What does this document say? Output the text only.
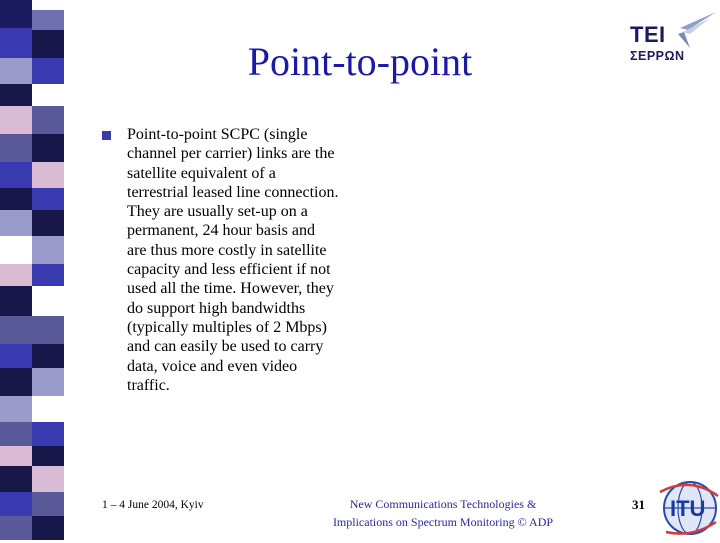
Point-to-point
T E I
ΣΕΡΡΩΝ
Point-to-point SCPC (single
channel per carrier) links are the
satellite equivalent of a
terrestrial leased line connection.
They are usually set-up on a
permanent, 24 hour basis and
are thus more costly in satellite
capacity and less efficient if not
used all the time. However, they
do support high bandwidths
(typically multiples of 2 Mbps)
and can easily be used to carry
data, voice and even video
traffic.
1 – 4 June 2004, Kyiv	New Communications Technologies &
Implications on Spectrum Monitoring © ADP
31 ITU
